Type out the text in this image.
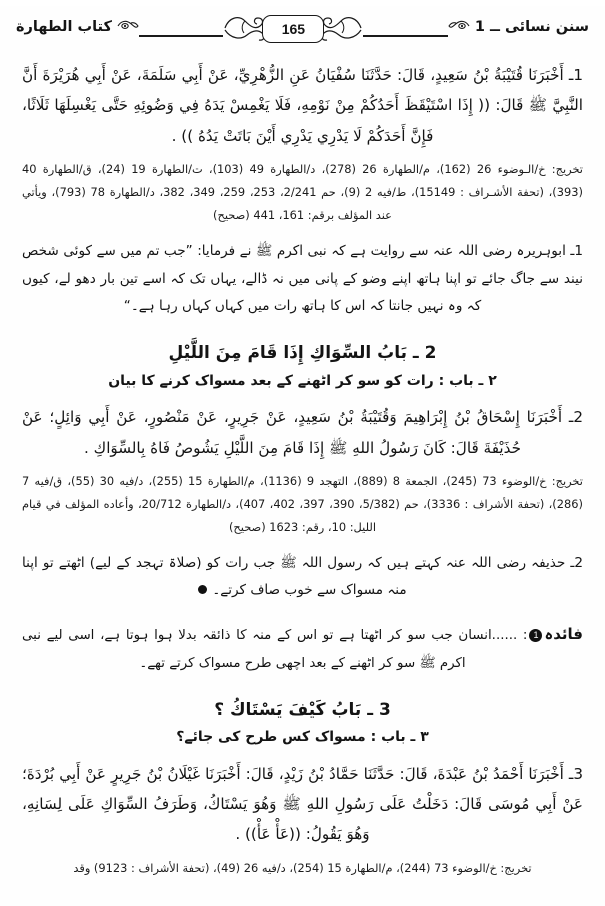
سنن نسائى ــ 1
165
كتاب الطهارة
1ـ أَخْبَرَنَا قُتَيْبَةُ بْنُ سَعِيدٍ، قَالَ: حَدَّثَنَا سُفْيَانُ عَنِ الزُّهْرِيِّ، عَنْ أَبِي سَلَمَةَ، عَنْ أَبِي هُرَيْرَةَ أَنَّ النَّبِيَّ ﷺ قَالَ: (( إِذَا اسْتَيْقَظَ أَحَدُكُمْ مِنْ نَوْمِهِ، فَلَا يَغْمِسْ يَدَهُ فِي وَضُوئِهِ حَتَّى يَغْسِلَهَا ثَلَاثًا، فَإِنَّ أَحَدَكُمْ لَا يَدْرِي يَدْرِي أَيْنَ بَاتَتْ يَدُهُ )) .
تخريج: خ/الـوضوء 26 (162)، م/الطهارة 26 (278)، د/الطهارة 49 (103)، ت/الطهارة 19 (24)، ق/الطهارة 40 (393)، (تحفة الأشـراف : 15149)، ط/فيه 2 (9)، حم 2/241، 253، 259، 349، 382، د/الطهارة 78 (793)، ويأتي عند المؤلف برقم: 161، 441 (صحيح)
1ـ ابوہریرہ رضی اللہ عنہ سے روایت ہے کہ نبی اکرم ﷺ نے فرمایا: ”جب تم میں سے کوئی شخص نیند سے جاگ جائے تو اپنا ہاتھ اپنے وضو کے پانی میں نہ ڈالے، یہاں تک کہ اسے تین بار دھو لے، کیوں کہ وہ نہیں جانتا کہ اس کا ہاتھ رات میں کہاں کہاں رہا ہے۔“
2 ـ بَابُ السِّوَاكِ إِذَا قَامَ مِنَ اللَّيْلِ
۲ ـ باب : رات کو سو کر اٹھنے کے بعد مسواک کرنے کا بیان
2ـ أَخْبَرَنَا إِسْحَاقُ بْنُ إِبْرَاهِيمَ وَقُتَيْبَةُ بْنُ سَعِيدٍ، عَنْ جَرِيرٍ، عَنْ مَنْصُورٍ، عَنْ أَبِي وَائِلٍ؛ عَنْ حُذَيْفَةَ قَالَ: كَانَ رَسُولُ اللهِ ﷺ إِذَا قَامَ مِنَ اللَّيْلِ يَشُوصُ فَاهُ بِالسِّوَاكِ .
تخريج: خ/الوضوء 73 (245)، الجمعة 8 (889)، التهجد 9 (1136)، م/الطهارة 15 (255)، د/فيه 30 (55)، ق/فيه 7 (286)، (تحفة الأشراف : 3336)، حم (5/382، 390، 397، 402، 407)، د/الطهارة 20/712، وأعاده المؤلف في قيام الليل: 10، رقم: 1623 (صحيح)
2ـ حذیفہ رضی اللہ عنہ کہتے ہیں کہ رسول اللہ ﷺ جب رات کو (صلاۃ تہجد کے لیے) اٹھتے تو اپنا منہ مسواک سے خوب صاف کرتے۔
فائدہ1: ......انسان جب سو کر اٹھتا ہے تو اس کے منہ کا ذائقہ بدلا ہوا ہوتا ہے، اسی لیے نبی اکرم ﷺ سو کر اٹھنے کے بعد اچھی طرح مسواک کرتے تھے۔
3 ـ بَابُ كَيْفَ يَسْتَاكُ ؟
۳ ـ باب : مسواک کس طرح کی جائے؟
3ـ أَخْبَرَنَا أَحْمَدُ بْنُ عَبْدَةَ، قَالَ: حَدَّثَنَا حَمَّادُ بْنُ زَيْدٍ، قَالَ: أَخْبَرَنَا غَيْلَانُ بْنُ جَرِيرٍ عَنْ أَبِي بُرْدَةَ؛ عَنْ أَبِي مُوسَى قَالَ: دَخَلْتُ عَلَى رَسُولِ اللهِ ﷺ وَهُوَ يَسْتَاكُ، وَطَرَفُ السِّوَاكِ عَلَى لِسَانِهِ، وَهُوَ يَقُولُ: ((عَأْ عَأْ)) .
تخريج: خ/الوضوء 73 (244)، م/الطهارة 15 (254)، د/فيه 26 (49)، (تحفة الأشراف : 9123) وقد
